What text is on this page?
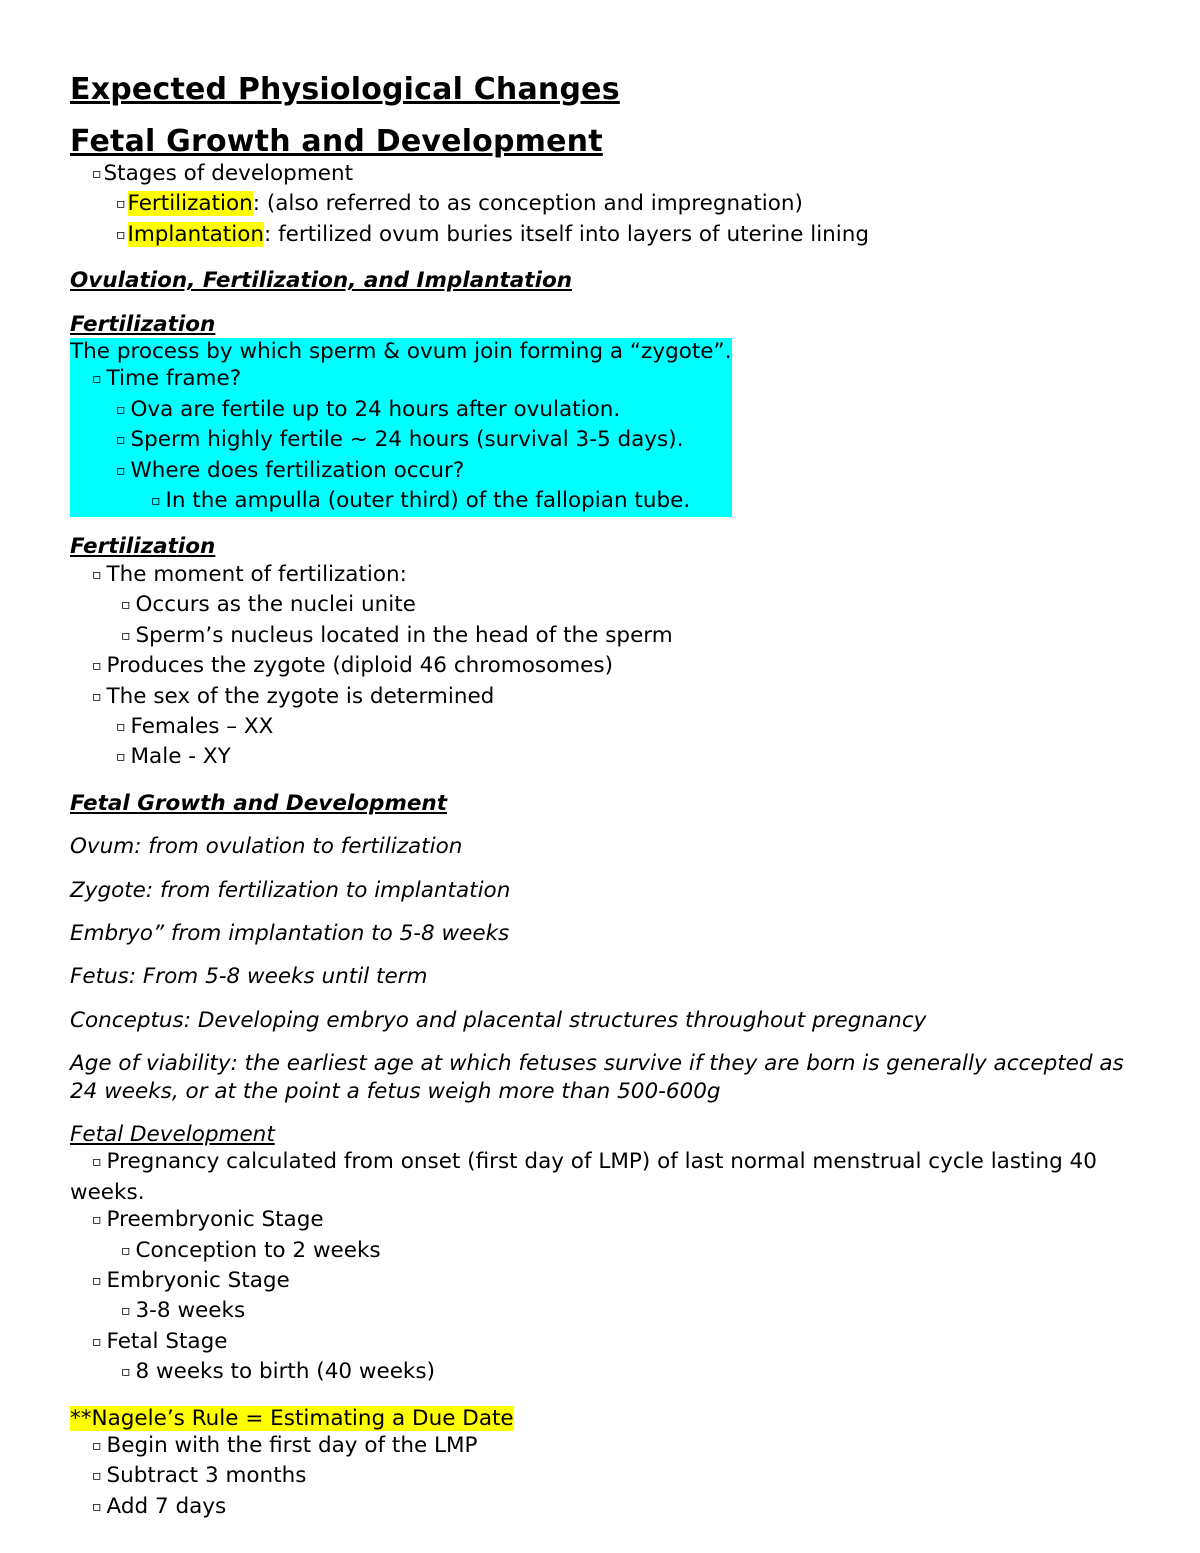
Expected Physiological Changes
Fetal Growth and Development
▫Stages of development
▫Fertilization: (also referred to as conception and impregnation)
▫Implantation: fertilized ovum buries itself into layers of uterine lining
Ovulation, Fertilization, and Implantation
Fertilization
The process by which sperm & ovum join forming a “zygote”.
▫ Time frame?
▫ Ova are fertile up to 24 hours after ovulation.
▫ Sperm highly fertile ~ 24 hours (survival 3-5 days).
▫ Where does fertilization occur?
▫ In the ampulla (outer third) of the fallopian tube.
Fertilization
▫ The moment of fertilization:
▫ Occurs as the nuclei unite
▫ Sperm’s nucleus located in the head of the sperm
▫ Produces the zygote (diploid 46 chromosomes)
▫ The sex of the zygote is determined
▫ Females – XX
▫ Male - XY
Fetal Growth and Development
Ovum: from ovulation to fertilization
Zygote: from fertilization to implantation
Embryo” from implantation to 5-8 weeks
Fetus: From 5-8 weeks until term
Conceptus: Developing embryo and placental structures throughout pregnancy
Age of viability: the earliest age at which fetuses survive if they are born is generally accepted as 24 weeks, or at the point a fetus weigh more than 500-600g
Fetal Development
▫ Pregnancy calculated from onset (first day of LMP) of last normal menstrual cycle lasting 40 weeks.
▫ Preembryonic Stage
▫ Conception to 2 weeks
▫ Embryonic Stage
▫ 3-8 weeks
▫ Fetal Stage
▫ 8 weeks to birth (40 weeks)
**Nagele’s Rule = Estimating a Due Date
▫ Begin with the first day of the LMP
▫ Subtract 3 months
▫ Add 7 days
